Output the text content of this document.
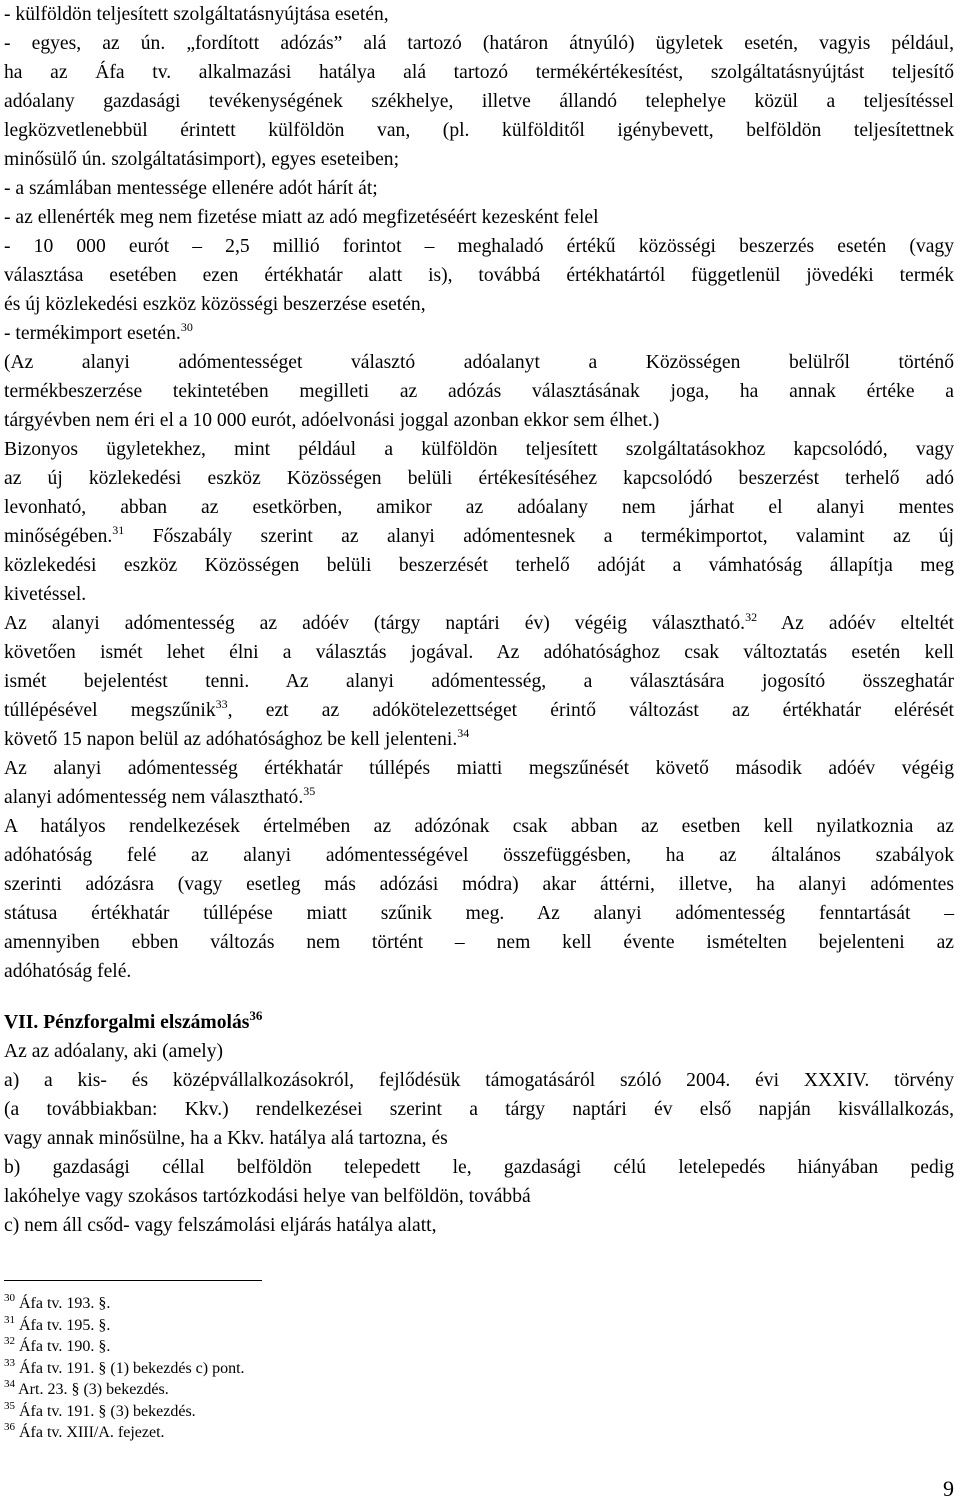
- külföldön teljesített szolgáltatásnyújtása esetén,
- egyes, az ún. „fordított adózás” alá tartozó (határon átnyúló) ügyletek esetén, vagyis például,
ha az Áfa tv. alkalmazási hatálya alá tartozó termékértékesítést, szolgáltatásnyújtást teljesítő
adóalany gazdasági tevékenységének székhelye, illetve állandó telephelye közül a teljesítéssel
legközvetlenebbül érintett külföldön van, (pl. külfölditől igénybevett, belföldön teljesítettnek
minősülő ún. szolgáltatásimport), egyes eseteiben;
- a számlában mentessége ellenére adót hárít át;
- az ellenérték meg nem fizetése miatt az adó megfizetéséért kezesként felel
- 10 000 eurót – 2,5 millió forintot – meghaladó értékű közösségi beszerzés esetén (vagy
választása esetében ezen értékhatár alatt is), továbbá értékhatártól függetlenül jövedéki termék
és új közlekedési eszköz közösségi beszerzése esetén,
- termékimport esetén.$^{30}$
(Az alanyi adómentességet választó adóalanyt a Közösségen belülről történő
termékbeszerzése tekintetében megilleti az adózás választásának joga, ha annak értéke a
tárgyévben nem éri el a 10 000 eurót, adóelvonási joggal azonban ekkor sem élhet.)
Bizonyos ügyletekhez, mint például a külföldön teljesített szolgáltatásokhoz kapcsolódó, vagy
az új közlekedési eszköz Közösségen belüli értékesítéséhez kapcsolódó beszerzést terhelő adó
levonható, abban az esetkörben, amikor az adóalany nem járhat el alanyi mentes
minőségében.$^{31}$ Főszabály szerint az alanyi adómentesnek a termékimportot, valamint az új
közlekedési eszköz Közösségen belüli beszerzését terhelő adóját a vámhatóság állapítja meg
kivetéssel.
Az alanyi adómentesség az adóév (tárgy naptári év) végéig választható.$^{32}$ Az adóév elteltét
követően ismét lehet élni a választás jogával. Az adóhatósághoz csak változtatás esetén kell
ismét bejelentést tenni. Az alanyi adómentesség, a választására jogosító összeghatár
túllépésével megszűnik$^{33}$, ezt az adókötelezettséget érintő változást az értékhatár elérését
követő 15 napon belül az adóhatósághoz be kell jelenteni.$^{34}$
Az alanyi adómentesség értékhatár túllépés miatti megszűnését követő második adóév végéig
alanyi adómentesség nem választható.$^{35}$
A hatályos rendelkezések értelmében az adózónak csak abban az esetben kell nyilatkoznia az
adóhatóság felé az alanyi adómentességével összefüggésben, ha az általános szabályok
szerinti adózásra (vagy esetleg más adózási módra) akar áttérni, illetve, ha alanyi adómentes
státusa értékhatár túllépése miatt szűnik meg. Az alanyi adómentesség fenntartását –
amennyiben ebben változás nem történt – nem kell évente ismételten bejelenteni az
adóhatóság felé.
VII. Pénzforgalmi elszámolás$^{36}$
Az az adóalany, aki (amely)
a) a kis- és középvállalkozásokról, fejlődésük támogatásáról szóló 2004. évi XXXIV. törvény
(a továbbiakban: Kkv.) rendelkezései szerint a tárgy naptári év első napján kisvállalkozás,
vagy annak minősülne, ha a Kkv. hatálya alá tartozna, és
b) gazdasági céllal belföldön telepedett le, gazdasági célú letelepedés hiányában pedig
lakóhelye vagy szokásos tartózkodási helye van belföldön, továbbá
c) nem áll csőd- vagy felszámolási eljárás hatálya alatt,
$^{30}$ Áfa tv. 193. §.
$^{31}$ Áfa tv. 195. §.
$^{32}$ Áfa tv. 190. §.
$^{33}$ Áfa tv. 191. § (1) bekezdés c) pont.
$^{34}$ Art. 23. § (3) bekezdés.
$^{35}$ Áfa tv. 191. § (3) bekezdés.
$^{36}$ Áfa tv. XIII/A. fejezet.
9
